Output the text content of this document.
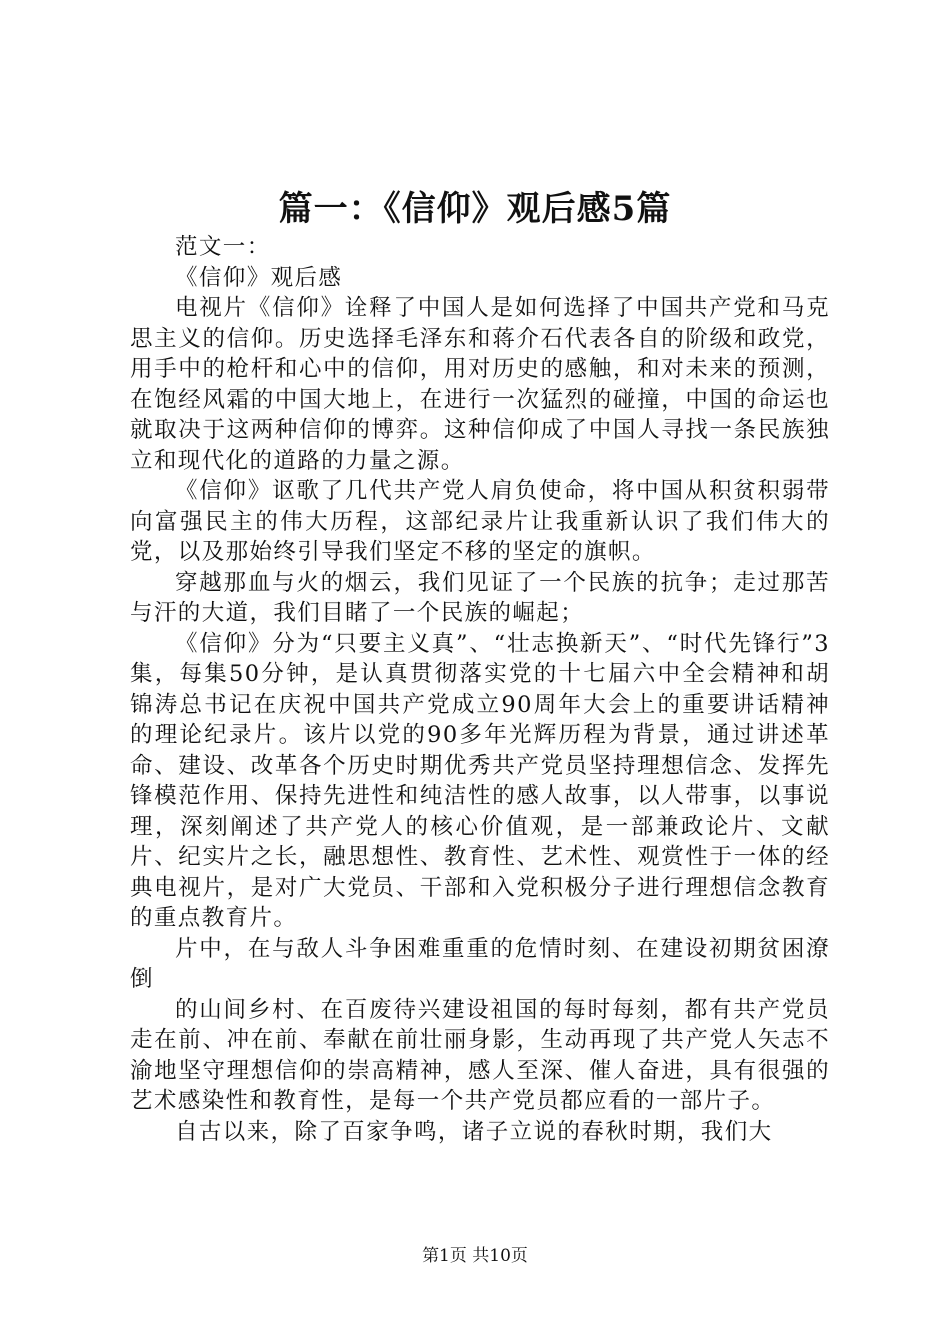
篇一：《信仰》观后感5篇

范文一：

《信仰》观后感

电视片《信仰》诠释了中国人是如何选择了中国共产党和马克思主义的信仰。历史选择毛泽东和蒋介石代表各自的阶级和政党，用手中的枪杆和心中的信仰，用对历史的感触，和对未来的预测，在饱经风霜的中国大地上，在进行一次猛烈的碰撞，中国的命运也就取决于这两种信仰的博弈。这种信仰成了中国人寻找一条民族独立和现代化的道路的力量之源。

《信仰》讴歌了几代共产党人肩负使命，将中国从积贫积弱带向富强民主的伟大历程，这部纪录片让我重新认识了我们伟大的党，以及那始终引导我们坚定不移的坚定的旗帜。

穿越那血与火的烟云，我们见证了一个民族的抗争；走过那苦与汗的大道，我们目睹了一个民族的崛起；

《信仰》分为“只要主义真”、“壮志换新天”、“时代先锋行”3集，每集50分钟，是认真贯彻落实党的十七届六中全会精神和胡锦涛总书记在庆祝中国共产党成立90周年大会上的重要讲话精神的理论纪录片。该片以党的90多年光辉历程为背景，通过讲述革命、建设、改革各个历史时期优秀共产党员坚持理想信念、发挥先锋模范作用、保持先进性和纯洁性的感人故事，以人带事，以事说理，深刻阐述了共产党人的核心价值观，是一部兼政论片、文献片、纪实片之长，融思想性、教育性、艺术性、观赏性于一体的经典电视片，是对广大党员、干部和入党积极分子进行理想信念教育的重点教育片。

片中，在与敌人斗争困难重重的危情时刻、在建设初期贫困潦倒

的山间乡村、在百废待兴建设祖国的每时每刻，都有共产党员走在前、冲在前、奉献在前壮丽身影，生动再现了共产党人矢志不渝地坚守理想信仰的崇高精神，感人至深、催人奋进，具有很强的艺术感染性和教育性，是每一个共产党员都应看的一部片子。

自古以来，除了百家争鸣，诸子立说的春秋时期，我们大

第1页 共10页
